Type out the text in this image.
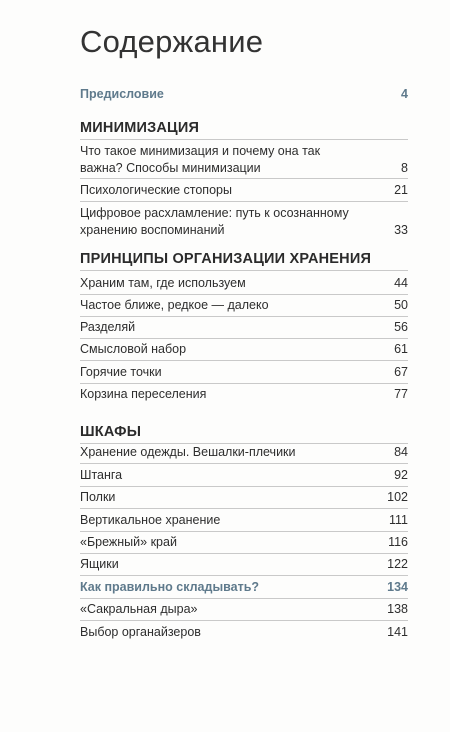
Содержание
Предисловие	4
МИНИМИЗАЦИЯ
Что такое минимизация и почему она так важна? Способы минимизации	8
Психологические стопоры	21
Цифровое расхламление: путь к осознанному хранению воспоминаний	33
ПРИНЦИПЫ ОРГАНИЗАЦИИ ХРАНЕНИЯ
Храним там, где используем	44
Частое ближе, редкое — далеко	50
Разделяй	56
Смысловой набор	61
Горячие точки	67
Корзина переселения	77
ШКАФЫ
Хранение одежды. Вешалки-плечики	84
Штанга	92
Полки	102
Вертикальное хранение	111
«Брежный» край	116
Ящики	122
Как правильно складывать?	134
«Сакральная дыра»	138
Выбор органайзеров	141
